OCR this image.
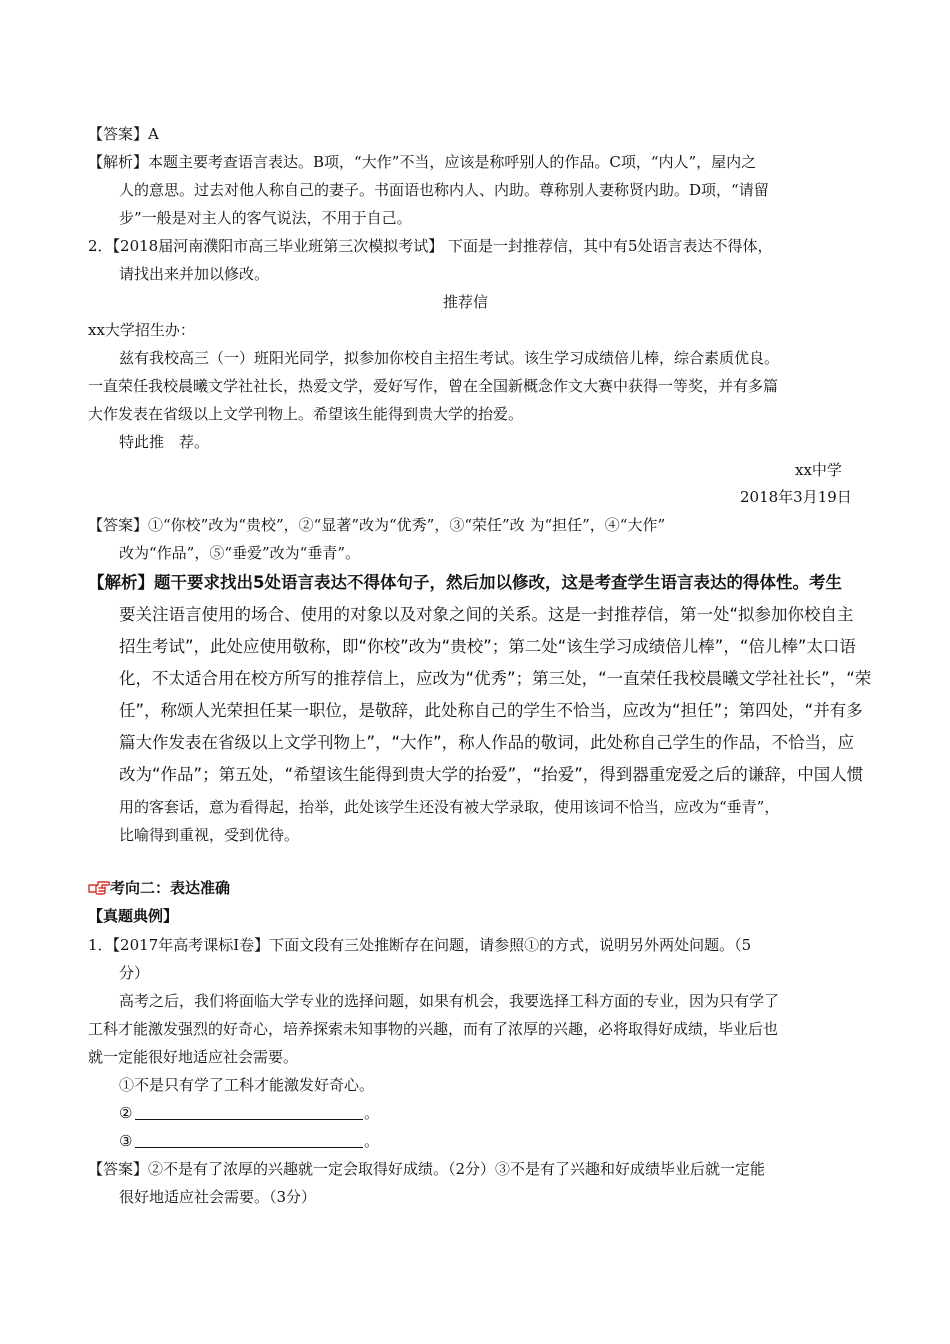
【答案】A
【解析】本题主要考查语言表达。B项，“大作”不当，应该是称呼别人的作品。C项，“内人”，屋内之
人的意思。过去对他人称自己的妻子。书面语也称内人、内助。尊称别人妻称贤内助。D项，“请留
步”一般是对主人的客气说法，不用于自己。
2．【2018届河南濮阳市高三毕业班第三次模拟考试】 下面是一封推荐信，其中有5处语言表达不得体，
请找出来并加以修改。
推荐信
xx大学招生办：
兹有我校高三（一）班阳光同学，拟参加你校自主招生考试。该生学习成绩倍儿棒，综合素质优良。
一直荣任我校晨曦文学社社长，热爱文学，爱好写作，曾在全国新概念作文大赛中获得一等奖，并有多篇
大作发表在省级以上文学刊物上。希望该生能得到贵大学的抬爱。
特此推　荐。
xx中学
2018年3月19日
【答案】①“你校”改为“贵校”，②“显著”改为“优秀”，③“荣任”改 为“担任”，④“大作”
改为“作品”，⑤“垂爱”改为“垂青”。
【解析】题干要求找出5处语言表达不得体句子，然后加以修改，这是考查学生语言表达的得体性。考生
要关注语言使用的场合、使用的对象以及对象之间的关系。这是一封推荐信，第一处“拟参加你校自主
招生考试”，此处应使用敬称，即“你校”改为“贵校”；第二处“该生学习成绩倍儿棒”，“倍儿棒”太口语
化，不太适合用在校方所写的推荐信上，应改为“优秀”；第三处，“一直荣任我校晨曦文学社社长”，“荣
任”，称颂人光荣担任某一职位，是敬辞，此处称自己的学生不恰当，应改为“担任”；第四处，“并有多
篇大作发表在省级以上文学刊物上”，“大作”，称人作品的敬词，此处称自己学生的作品，不恰当，应
改为“作品”；第五处，“希望该生能得到贵大学的抬爱”，“抬爱”，得到器重宠爱之后的谦辞，中国人惯
用的客套话，意为看得起，抬举，此处该学生还没有被大学录取，使用该词不恰当，应改为“垂青”，
比喻得到重视，受到优待。
考向二：表达准确
【真题典例】
1．【2017年高考课标Ⅰ卷】下面文段有三处推断存在问题，请参照①的方式，说明另外两处问题。（5
分）
高考之后，我们将面临大学专业的选择问题，如果有机会，我要选择工科方面的专业，因为只有学了
工科才能激发强烈的好奇心，培养探索未知事物的兴趣，而有了浓厚的兴趣，必将取得好成绩，毕业后也
就一定能很好地适应社会需要。
①不是只有学了工科才能激发好奇心。
②	。
③	。
【答案】②不是有了浓厚的兴趣就一定会取得好成绩。（2分）③不是有了兴趣和好成绩毕业后就一定能
很好地适应社会需要。（3分）
